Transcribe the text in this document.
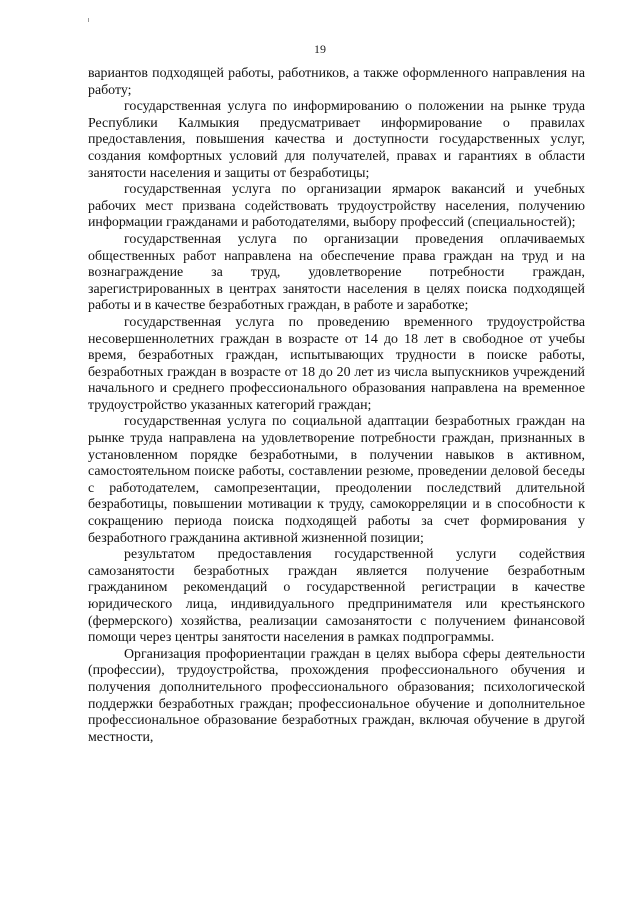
19

вариантов подходящей работы, работников, а также оформленного направления на работу;

государственная услуга по информированию о положении на рынке труда Республики Калмыкия предусматривает информирование о правилах предоставления, повышения качества и доступности государственных услуг, создания комфортных условий для получателей, правах и гарантиях в области занятости населения и защиты от безработицы;

государственная услуга по организации ярмарок вакансий и учебных рабочих мест призвана содействовать трудоустройству населения, получению информации гражданами и работодателями, выбору профессий (специальностей);

государственная услуга по организации проведения оплачиваемых общественных работ направлена на обеспечение права граждан на труд и на вознаграждение за труд, удовлетворение потребности граждан, зарегистрированных в центрах занятости населения в целях поиска подходящей работы и в качестве безработных граждан, в работе и заработке;

государственная услуга по проведению временного трудоустройства несовершеннолетних граждан в возрасте от 14 до 18 лет в свободное от учебы время, безработных граждан, испытывающих трудности в поиске работы, безработных граждан в возрасте от 18 до 20 лет из числа выпускников учреждений начального и среднего профессионального образования направлена на временное трудоустройство указанных категорий граждан;

государственная услуга по социальной адаптации безработных граждан на рынке труда направлена на удовлетворение потребности граждан, признанных в установленном порядке безработными, в получении навыков в активном, самостоятельном поиске работы, составлении резюме, проведении деловой беседы с работодателем, самопрезентации, преодолении последствий длительной безработицы, повышении мотивации к труду, самокорреляции и в способности к сокращению периода поиска подходящей работы за счет формирования у безработного гражданина активной жизненной позиции;

результатом предоставления государственной услуги содействия самозанятости безработных граждан является получение безработным гражданином рекомендаций о государственной регистрации в качестве юридического лица, индивидуального предпринимателя или крестьянского (фермерского) хозяйства, реализации самозанятости с получением финансовой помощи через центры занятости населения в рамках подпрограммы.

Организация профориентации граждан в целях выбора сферы деятельности (профессии), трудоустройства, прохождения профессионального обучения и получения дополнительного профессионального образования; психологической поддержки безработных граждан; профессиональное обучение и дополнительное профессиональное образование безработных граждан, включая обучение в другой местности,
